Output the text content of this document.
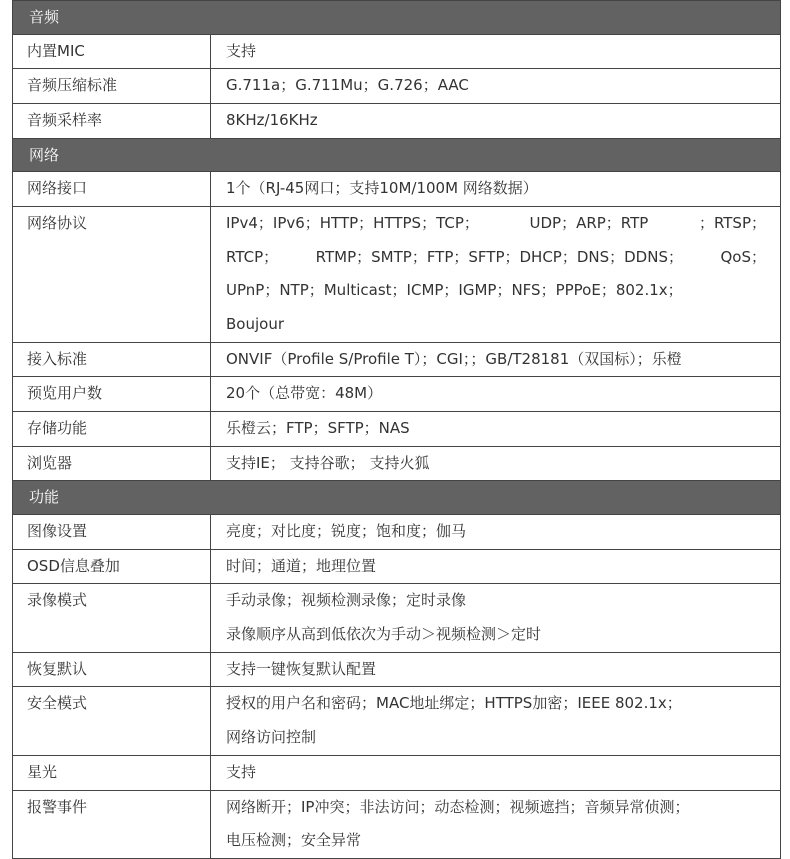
音频	
内置MIC	支持

音频压缩标准	G.711a；G.711Mu；G.726；AAC

音频采样率	8KHz/16KHz

网络	
网络接口	1个（RJ-45网口；支持10M/100M 网络数据）

网络协议	IPv4；IPv6；HTTP；HTTPS；TCP； UDP；ARP；RTP ；RTSP；
RTCP； RTMP；SMTP；FTP；SFTP；DHCP；DNS；DDNS； QoS；
UPnP；NTP；Multicast；ICMP；IGMP；NFS；PPPoE；802.1x；
Boujour

接入标准	ONVIF（Profile S/Profile T）；CGI；；GB/T28181（双国标）；乐橙

预览用户数	20个（总带宽：48M）

存储功能	乐橙云；FTP；SFTP；NAS

浏览器	支持IE； 支持谷歌； 支持火狐

功能	
图像设置	亮度；对比度；锐度；饱和度；伽马

OSD信息叠加	时间；通道；地理位置

录像模式	手动录像；视频检测录像；定时录像
录像顺序从高到低依次为手动＞视频检测＞定时

恢复默认	支持一键恢复默认配置

安全模式	授权的用户名和密码；MAC地址绑定；HTTPS加密；IEEE 802.1x；
网络访问控制

星光	支持

报警事件	网络断开；IP冲突；非法访问；动态检测；视频遮挡；音频异常侦测；
电压检测；安全异常
